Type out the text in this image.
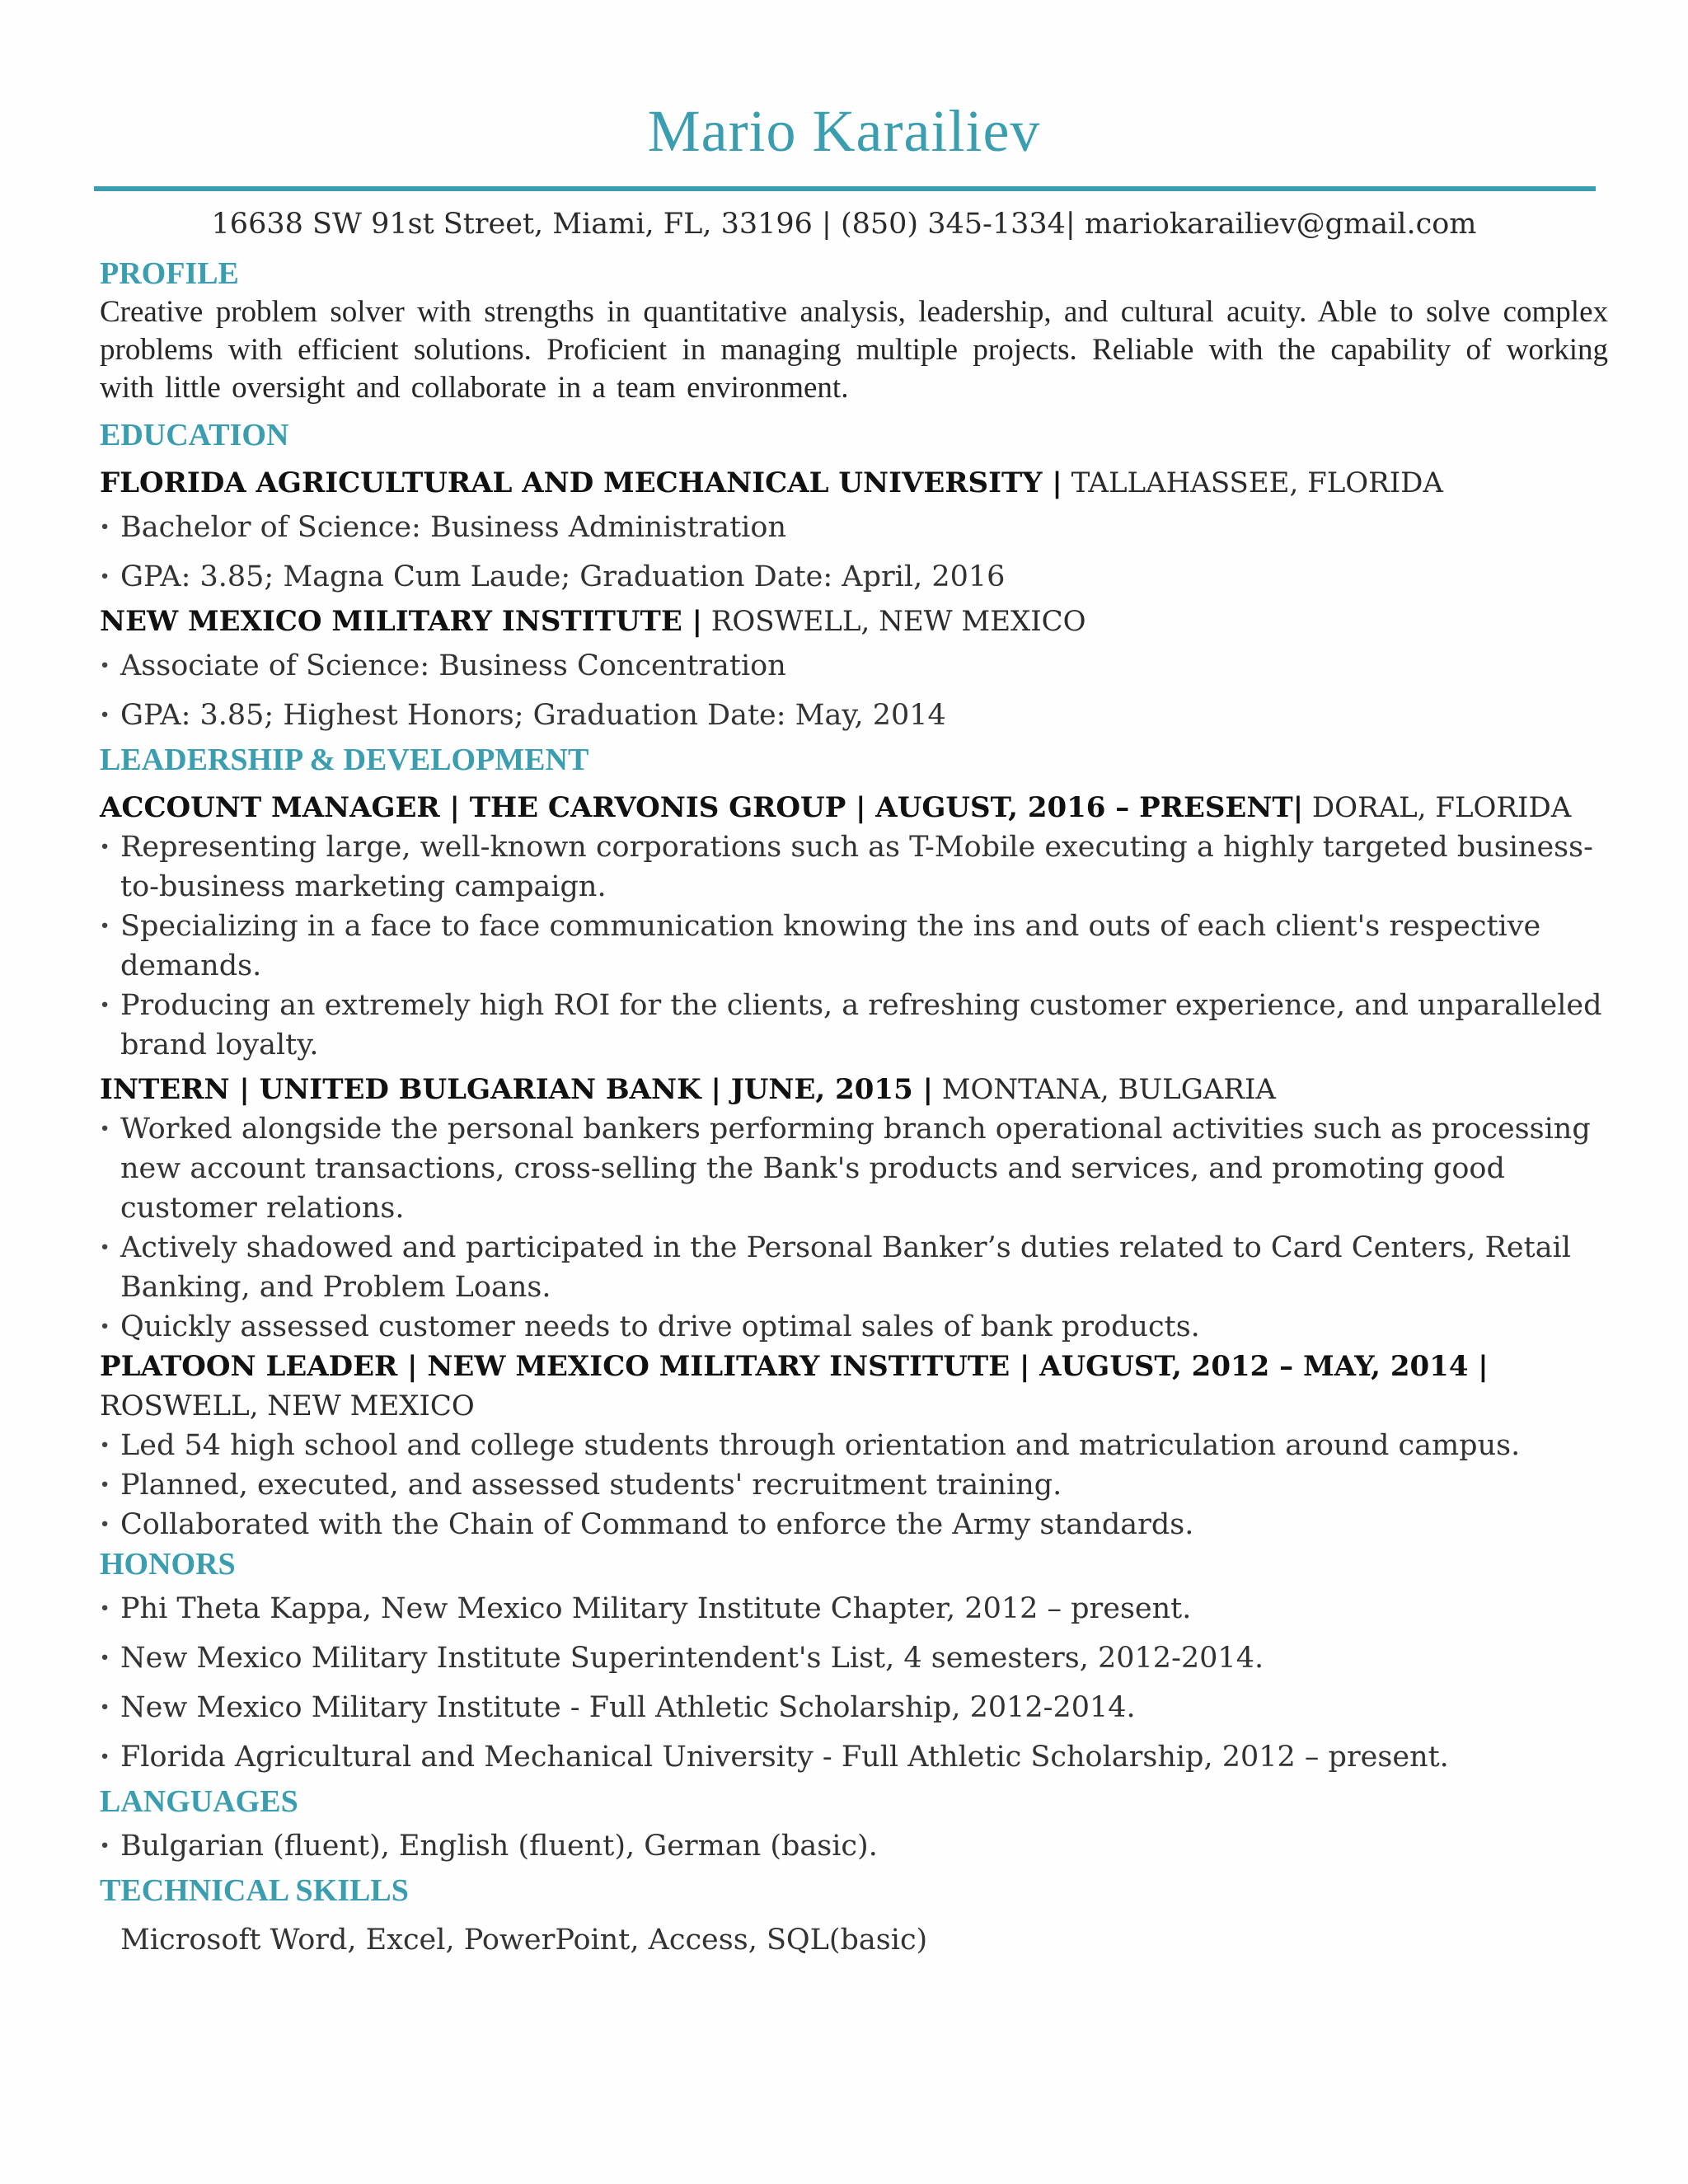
Mario Karailiev
16638 SW 91st Street, Miami, FL, 33196 | (850) 345-1334| mariokarailiev@gmail.com
PROFILE

Creative problem solver with strengths in quantitative analysis, leadership, and cultural acuity. Able to solve complex problems with efficient solutions. Proficient in managing multiple projects. Reliable with the capability of working with little oversight and collaborate in a team environment.

EDUCATION

FLORIDA AGRICULTURAL AND MECHANICAL UNIVERSITY | TALLAHASSEE, FLORIDA

· Bachelor of Science: Business Administration
· GPA: 3.85; Magna Cum Laude; Graduation Date: April, 2016

NEW MEXICO MILITARY INSTITUTE | ROSWELL, NEW MEXICO

· Associate of Science: Business Concentration
· GPA: 3.85; Highest Honors; Graduation Date: May, 2014
LEADERSHIP & DEVELOPMENT

ACCOUNT MANAGER | THE CARVONIS GROUP | AUGUST, 2016 – PRESENT| DORAL, FLORIDA

· Representing large, well-known corporations such as T-Mobile executing a highly targeted business-to-business marketing campaign.
· Specializing in a face to face communication knowing the ins and outs of each client's respective demands.
· Producing an extremely high ROI for the clients, a refreshing customer experience, and unparalleled brand loyalty.

INTERN | UNITED BULGARIAN BANK | JUNE, 2015 | MONTANA, BULGARIA

· Worked alongside the personal bankers performing branch operational activities such as processing new account transactions, cross-selling the Bank's products and services, and promoting good customer relations.
· Actively shadowed and participated in the Personal Banker’s duties related to Card Centers, Retail Banking, and Problem Loans.
· Quickly assessed customer needs to drive optimal sales of bank products.

PLATOON LEADER | NEW MEXICO MILITARY INSTITUTE | AUGUST, 2012 – MAY, 2014 | ROSWELL, NEW MEXICO

· Led 54 high school and college students through orientation and matriculation around campus.
· Planned, executed, and assessed students' recruitment training.
· Collaborated with the Chain of Command to enforce the Army standards.
HONORS
· Phi Theta Kappa, New Mexico Military Institute Chapter, 2012 – present.
· New Mexico Military Institute Superintendent's List, 4 semesters, 2012-2014.
· New Mexico Military Institute - Full Athletic Scholarship, 2012-2014.
· Florida Agricultural and Mechanical University - Full Athletic Scholarship, 2012 – present.
LANGUAGES
· Bulgarian (fluent), English (fluent), German (basic).
TECHNICAL SKILLS
Microsoft Word, Excel, PowerPoint, Access, SQL(basic)
